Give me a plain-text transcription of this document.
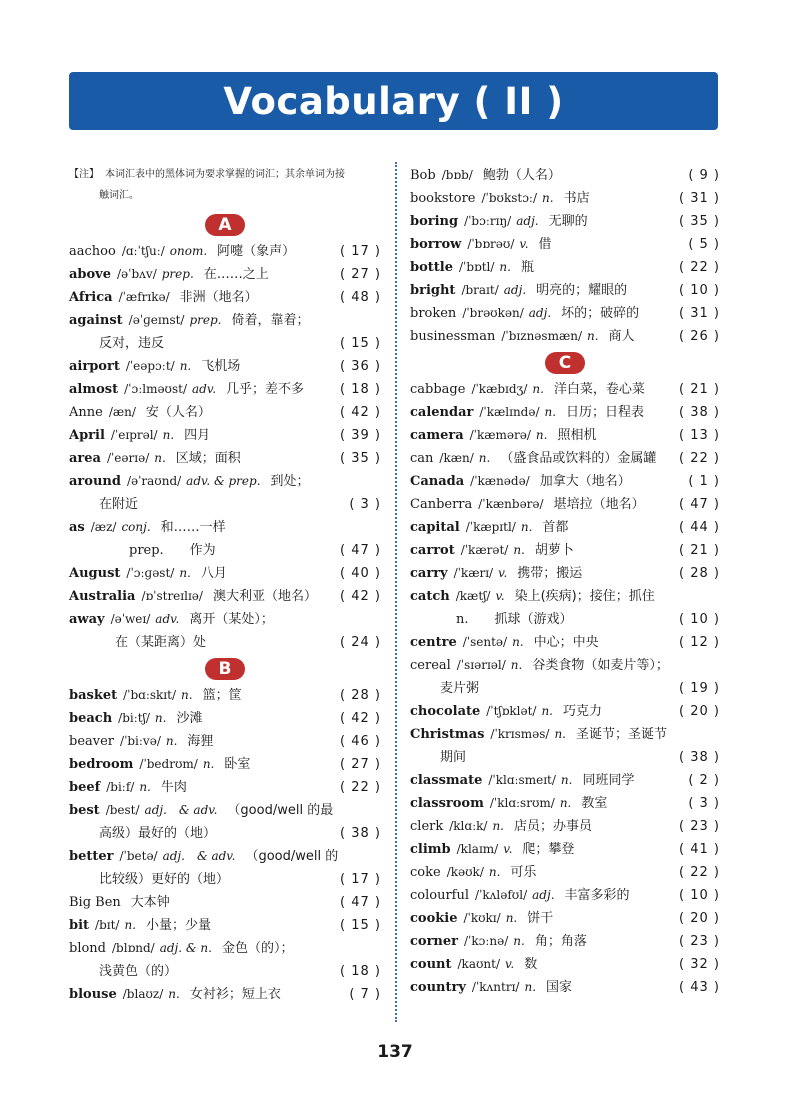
Vocabulary ( II )
【注】 本词汇表中的黑体词为要求掌握的词汇；其余单词为接
触词汇。
A
aachoo /ɑːˈtʃuː/ onom. 阿嚏（象声）	( 17 )
above /əˈbʌv/ prep. 在……之上	( 27 )
Africa /ˈæfrɪkə/ 非洲（地名）	( 48 )
against /əˈɡeɪnst/ prep. 倚着，靠着；
反对，违反	( 15 )
airport /ˈeəpɔːt/ n. 飞机场	( 36 )
almost /ˈɔːlməʊst/ adv. 几乎；差不多	( 18 )
Anne /æn/ 安（人名）	( 42 )
April /ˈeɪprəl/ n. 四月	( 39 )
area /ˈeərɪə/ n. 区域；面积	( 35 )
around /əˈraʊnd/ adv. & prep. 到处；
在附近	( 3 )
as /æz/ conj. 和……一样
prep.　　作为	( 47 )
August /ˈɔːɡəst/ n. 八月	( 40 )
Australia /ɒˈstreɪlɪə/ 澳大利亚（地名） ( 42 )
away /əˈweɪ/ adv. 离开（某处）；
在（某距离）处	( 24 )
B
basket /ˈbɑːskɪt/ n. 篮；筐	( 28 )
beach /biːtʃ/ n. 沙滩	( 42 )
beaver /ˈbiːvə/ n. 海狸	( 46 )
bedroom /ˈbedrʊm/ n. 卧室	( 27 )
beef /biːf/ n. 牛肉	( 22 )
best /best/ adj.　& adv. （good/well 的最
高级）最好的（地）	( 38 )
better /ˈbetə/ adj.　& adv. （good/well 的
比较级）更好的（地）	( 17 )
Big Ben 大本钟	( 47 )
bit /bɪt/ n. 小量；少量	( 15 )
blond /blɒnd/ adj. & n. 金色（的）；
浅黄色（的）	( 18 )
blouse /blaʊz/ n. 女衬衫；短上衣	( 7 )
Bob /bɒb/ 鲍勃（人名）	( 9 )
bookstore /ˈbʊkstɔː/ n. 书店	( 31 )
boring /ˈbɔːrɪŋ/ adj. 无聊的	( 35 )
borrow /ˈbɒrəʊ/ v. 借	( 5 )
bottle /ˈbɒtl/ n. 瓶	( 22 )
bright /braɪt/ adj. 明亮的；耀眼的	( 10 )
broken /ˈbrəʊkən/ adj. 坏的；破碎的	( 31 )
businessman /ˈbɪznəsmæn/ n. 商人	( 26 )
C
cabbage /ˈkæbɪdʒ/ n. 洋白菜，卷心菜	( 21 )
calendar /ˈkælɪndə/ n. 日历；日程表	( 38 )
camera /ˈkæmərə/ n. 照相机	( 13 )
can /kæn/ n. （盛食品或饮料的）金属罐 ( 22 )
Canada /ˈkænədə/ 加拿大（地名）	( 1 )
Canberra /ˈkænbərə/ 堪培拉（地名）	( 47 )
capital /ˈkæpɪtl/ n. 首都	( 44 )
carrot /ˈkærət/ n. 胡萝卜	( 21 )
carry /ˈkærɪ/ v. 携带；搬运	( 28 )
catch /kætʃ/ v. 染上(疾病)；接住；抓住
n.　　抓球（游戏）	( 10 )
centre /ˈsentə/ n. 中心；中央	( 12 )
cereal /ˈsɪərɪəl/ n. 谷类食物（如麦片等）；
麦片粥	( 19 )
chocolate /ˈtʃɒklət/ n. 巧克力	( 20 )
Christmas /ˈkrɪsməs/ n. 圣诞节；圣诞节
期间	( 38 )
classmate /ˈklɑːsmeɪt/ n. 同班同学	( 2 )
classroom /ˈklɑːsrʊm/ n. 教室	( 3 )
clerk /klɑːk/ n. 店员；办事员	( 23 )
climb /klaɪm/ v. 爬；攀登	( 41 )
coke /kəʊk/ n. 可乐	( 22 )
colourful /ˈkʌləfʊl/ adj. 丰富多彩的	( 10 )
cookie /ˈkʊkɪ/ n. 饼干	( 20 )
corner /ˈkɔːnə/ n. 角；角落	( 23 )
count /kaʊnt/ v. 数	( 32 )
country /ˈkʌntrɪ/ n. 国家	( 43 )
137
